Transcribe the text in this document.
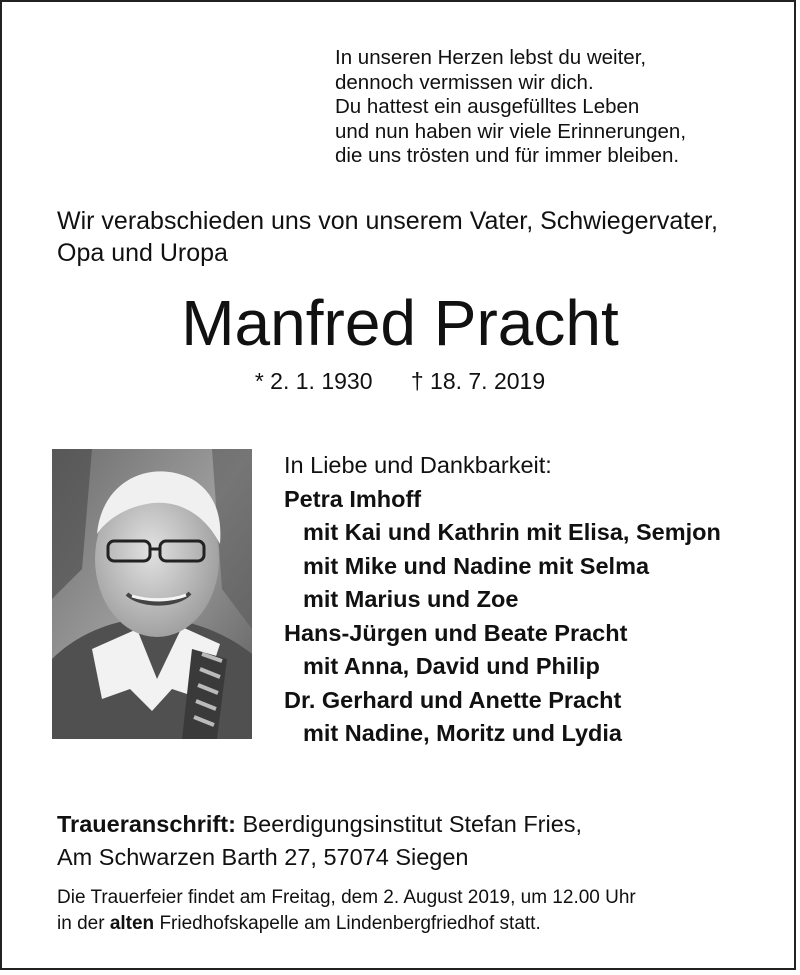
In unseren Herzen lebst du weiter,
dennoch vermissen wir dich.
Du hattest ein ausgefülltes Leben
und nun haben wir viele Erinnerungen,
die uns trösten und für immer bleiben.
Wir verabschieden uns von unserem Vater, Schwiegervater,
Opa und Uropa
Manfred Pracht
* 2. 1. 1930 † 18. 7. 2019
In Liebe und Dankbarkeit:
Petra Imhoff
mit Kai und Kathrin mit Elisa, Semjon
mit Mike und Nadine mit Selma
mit Marius und Zoe
Hans-Jürgen und Beate Pracht
mit Anna, David und Philip
Dr. Gerhard und Anette Pracht
mit Nadine, Moritz und Lydia
Traueranschrift: Beerdigungsinstitut Stefan Fries,
Am Schwarzen Barth 27, 57074 Siegen
Die Trauerfeier findet am Freitag, dem 2. August 2019, um 12.00 Uhr
in der alten Friedhofskapelle am Lindenbergfriedhof statt.
